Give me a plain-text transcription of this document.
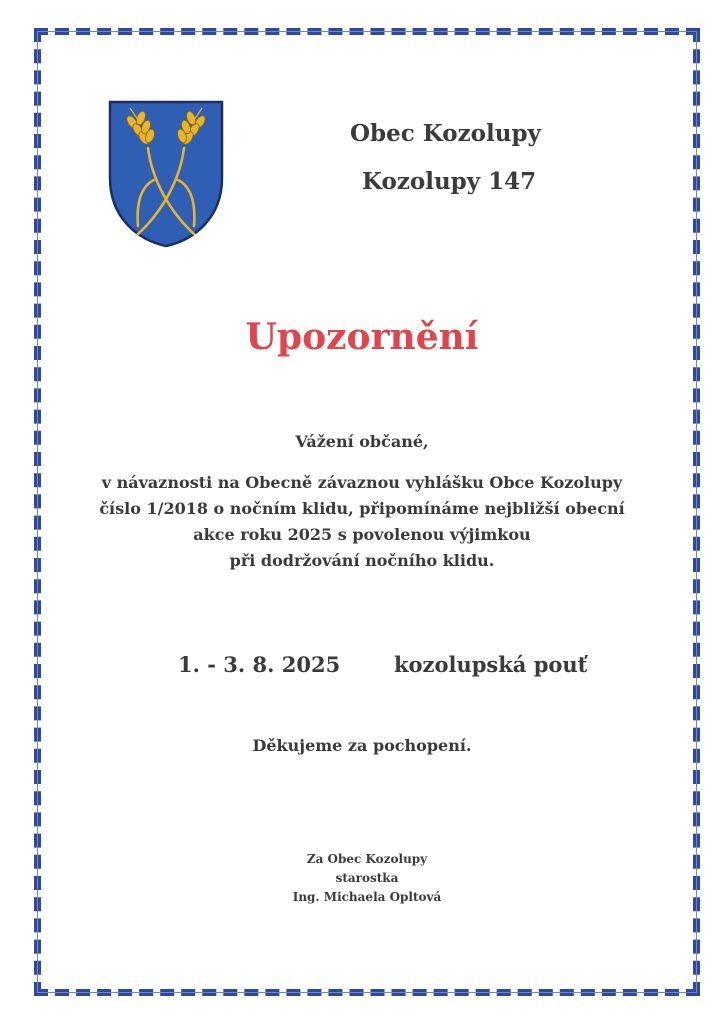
Obec Kozolupy
Kozolupy 147
Upozornění
Vážení občané,
v návaznosti na Obecně závaznou vyhlášku Obce Kozolupy
číslo 1/2018 o nočním klidu, připomínáme nejbližší obecní
akce roku 2025 s povolenou výjimkou
při dodržování nočního klidu.
1. - 3. 8. 2025	kozolupská pouť
Děkujeme za pochopení.
Za Obec Kozolupy
starostka
Ing. Michaela Opltová
